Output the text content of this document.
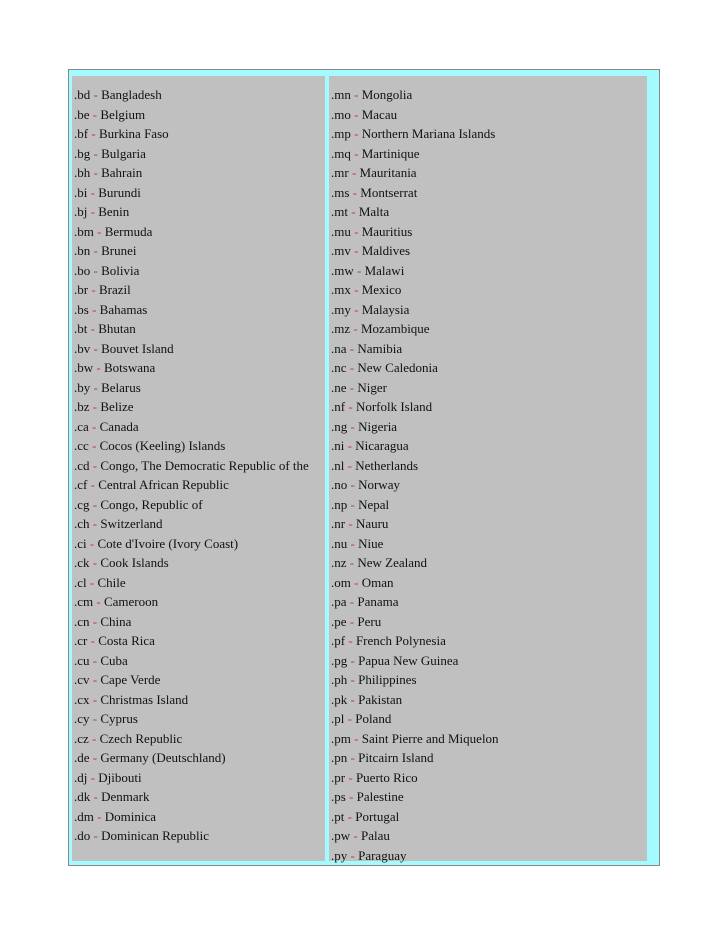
.bd - Bangladesh
.be - Belgium
.bf - Burkina Faso
.bg - Bulgaria
.bh - Bahrain
.bi - Burundi
.bj - Benin
.bm - Bermuda
.bn - Brunei
.bo - Bolivia
.br - Brazil
.bs - Bahamas
.bt - Bhutan
.bv - Bouvet Island
.bw - Botswana
.by - Belarus
.bz - Belize
.ca - Canada
.cc - Cocos (Keeling) Islands
.cd - Congo, The Democratic Republic of the
.cf - Central African Republic
.cg - Congo, Republic of
.ch - Switzerland
.ci - Cote d'Ivoire (Ivory Coast)
.ck - Cook Islands
.cl - Chile
.cm - Cameroon
.cn - China
.cr - Costa Rica
.cu - Cuba
.cv - Cape Verde
.cx - Christmas Island
.cy - Cyprus
.cz - Czech Republic
.de - Germany (Deutschland)
.dj - Djibouti
.dk - Denmark
.dm - Dominica
.do - Dominican Republic
.mn - Mongolia
.mo - Macau
.mp - Northern Mariana Islands
.mq - Martinique
.mr - Mauritania
.ms - Montserrat
.mt - Malta
.mu - Mauritius
.mv - Maldives
.mw - Malawi
.mx - Mexico
.my - Malaysia
.mz - Mozambique
.na - Namibia
.nc - New Caledonia
.ne - Niger
.nf - Norfolk Island
.ng - Nigeria
.ni - Nicaragua
.nl - Netherlands
.no - Norway
.np - Nepal
.nr - Nauru
.nu - Niue
.nz - New Zealand
.om - Oman
.pa - Panama
.pe - Peru
.pf - French Polynesia
.pg - Papua New Guinea
.ph - Philippines
.pk - Pakistan
.pl - Poland
.pm - Saint Pierre and Miquelon
.pn - Pitcairn Island
.pr - Puerto Rico
.ps - Palestine
.pt - Portugal
.pw - Palau
.py - Paraguay
